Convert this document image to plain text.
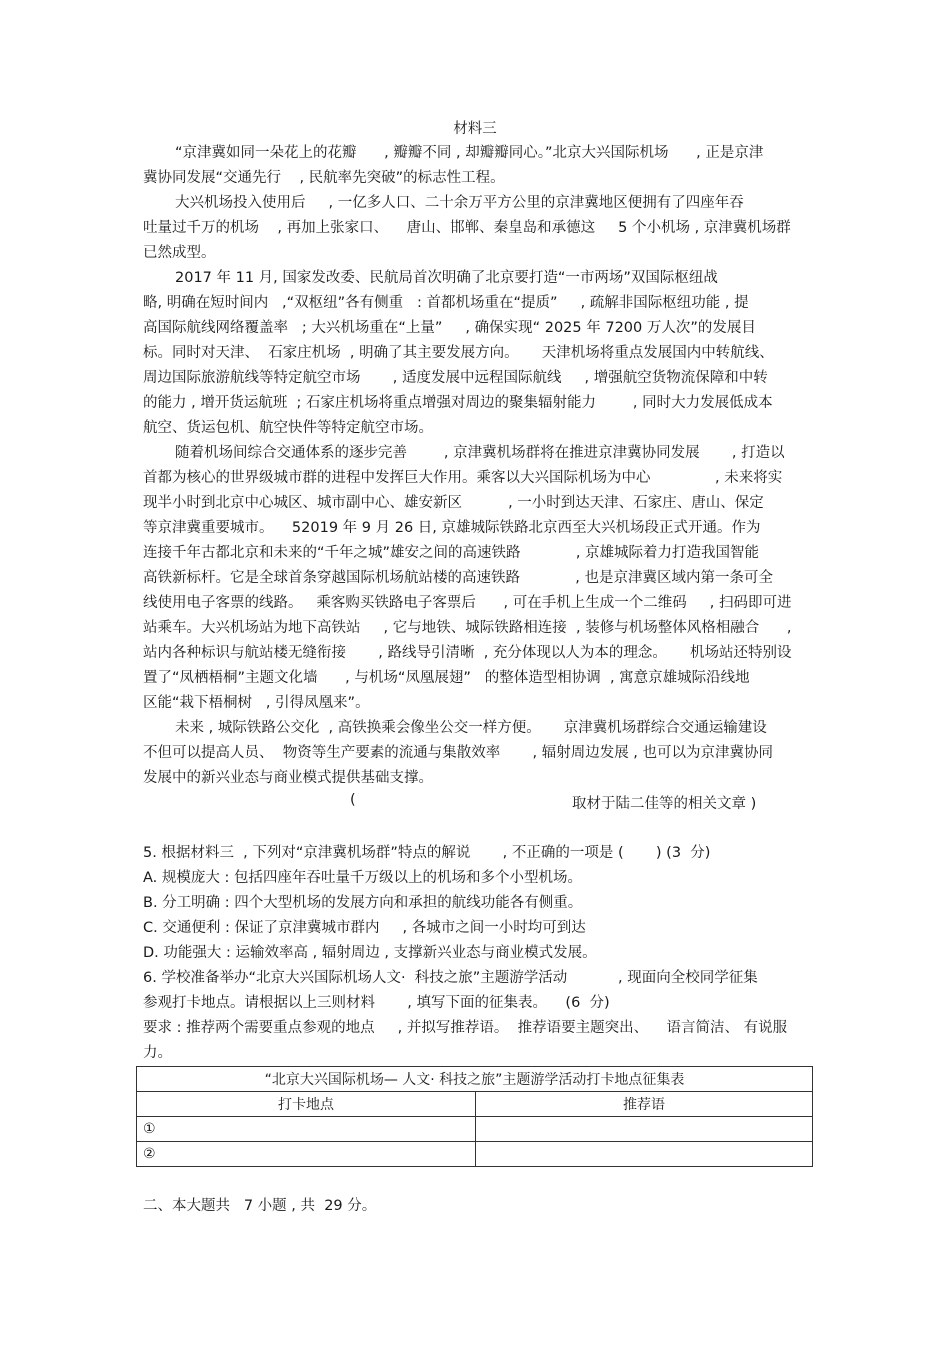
材料三
“京津冀如同一朵花上的花瓣      , 瓣瓣不同 , 却瓣瓣同心。”北京大兴国际机场      , 正是京津
冀协同发展“交通先行    , 民航率先突破”的标志性工程。
大兴机场投入使用后     , 一亿多人口、二十余万平方公里的京津冀地区便拥有了四座年吞
吐量过千万的机场    , 再加上张家口、    唐山、邯郸、秦皇岛和承德这     5 个小机场 , 京津冀机场群
已然成型。
2017 年 11 月, 国家发改委、民航局首次明确了北京要打造“一市两场”双国际枢纽战
略, 明确在短时间内   ,“双枢纽”各有侧重   : 首都机场重在“提质”     , 疏解非国际枢纽功能 , 提
高国际航线网络覆盖率   ; 大兴机场重在“上量”     , 确保实现“ 2025 年 7200 万人次”的发展目
标。同时对天津、  石家庄机场  , 明确了其主要发展方向。     天津机场将重点发展国内中转航线、
周边国际旅游航线等特定航空市场       , 适度发展中远程国际航线     , 增强航空货物流保障和中转
的能力 , 增开货运航班  ; 石家庄机场将重点增强对周边的聚集辐射能力        , 同时大力发展低成本
航空、货运包机、航空快件等特定航空市场。
随着机场间综合交通体系的逐步完善        , 京津冀机场群将在推进京津冀协同发展       , 打造以
首都为核心的世界级城市群的进程中发挥巨大作用。乘客以大兴国际机场为中心              , 未来将实
现半小时到北京中心城区、城市副中心、雄安新区          , 一小时到达天津、石家庄、唐山、保定
等京津冀重要城市。    52019 年 9 月 26 日, 京雄城际铁路北京西至大兴机场段正式开通。作为
连接千年古都北京和未来的“千年之城”雄安之间的高速铁路            , 京雄城际着力打造我国智能
高铁新标杆。它是全球首条穿越国际机场航站楼的高速铁路            , 也是京津冀区域内第一条可全
线使用电子客票的线路。   乘客购买铁路电子客票后      , 可在手机上生成一个二维码     , 扫码即可进
站乘车。大兴机场站为地下高铁站     , 它与地铁、城际铁路相连接  , 装修与机场整体风格相融合      ,
站内各种标识与航站楼无缝衔接       , 路线导引清晰  , 充分体现以人为本的理念。     机场站还特别设
置了“凤栖梧桐”主题文化墙      , 与机场“凤凰展翅”   的整体造型相协调  , 寓意京雄城际沿线地
区能“栽下梧桐树   , 引得凤凰来”。
未来 , 城际铁路公交化  , 高铁换乘会像坐公交一样方便。     京津冀机场群综合交通运输建设
不但可以提高人员、  物资等生产要素的流通与集散效率       , 辐射周边发展 , 也可以为京津冀协同
发展中的新兴业态与商业模式提供基础支撑。
(	取材于陆二佳等的相关文章 )
5. 根据材料三  , 下列对“京津冀机场群”特点的解说       , 不正确的一项是 (       ) (3  分)
A. 规模庞大 : 包括四座年吞吐量千万级以上的机场和多个小型机场。
B. 分工明确 : 四个大型机场的发展方向和承担的航线功能各有侧重。
C. 交通便利 : 保证了京津冀城市群内     , 各城市之间一小时均可到达
D. 功能强大 : 运输效率高 , 辐射周边 , 支撑新兴业态与商业模式发展。
6. 学校准备举办“北京大兴国际机场人文·  科技之旅”主题游学活动           , 现面向全校同学征集
参观打卡地点。请根据以上三则材料       , 填写下面的征集表。    (6  分)
要求 : 推荐两个需要重点参观的地点     , 并拟写推荐语。  推荐语要主题突出、    语言简洁、 有说服
力。
“北京大兴国际机场— 人文· 科技之旅”主题游学活动打卡地点征集表	
打卡地点	推荐语
①	
②	
二、本大题共   7 小题 , 共  29 分。
